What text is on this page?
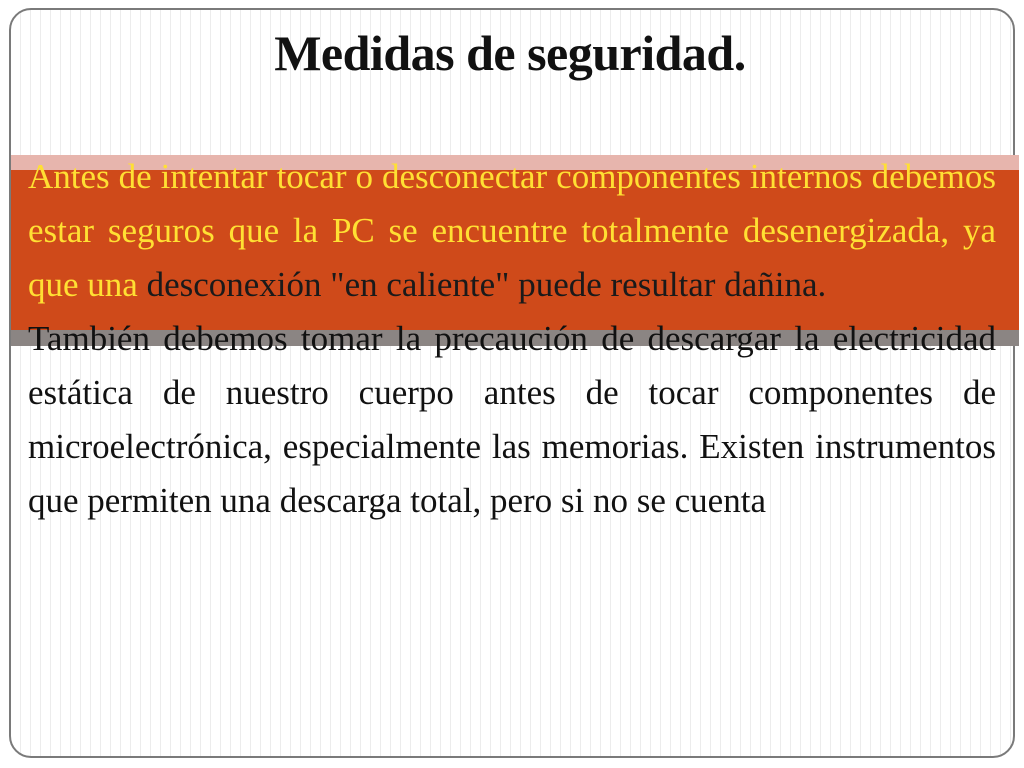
Medidas de seguridad.
Antes de intentar tocar o desconectar componentes internos debemos estar seguros que la PC se encuentre totalmente desenergizada, ya que una desconexión "en caliente" puede resultar dañina.
También debemos tomar la precaución de descargar la electricidad estática de nuestro cuerpo antes de tocar componentes de microelectrónica, especialmente las memorias. Existen instrumentos que permiten una descarga total, pero si no se cuenta
